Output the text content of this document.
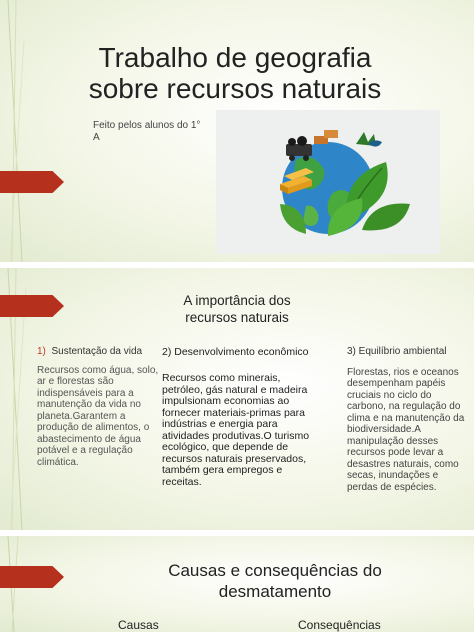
Trabalho de geografia
sobre recursos naturais
Feito pelos alunos do 1° A
A importância dos
recursos naturais
1) Sustentação da vida
Recursos como água, solo, ar e florestas são indispensáveis para a manutenção da vida no planeta.Garantem a produção de alimentos, o abastecimento de água potável e a regulação climática.
2) Desenvolvimento econômico
Recursos como minerais, petróleo, gás natural e madeira impulsionam economias ao fornecer materiais-primas para indústrias e energia para atividades produtivas.O turismo ecológico, que depende de recursos naturais preservados, também gera empregos e receitas.
3) Equilíbrio ambiental
Florestas, rios e oceanos desempenham papéis cruciais no ciclo do carbono, na regulação do clima e na manutenção da biodiversidade.A manipulação desses recursos pode levar a desastres naturais, como secas, inundações e perdas de espécies.
Causas e consequências do
desmatamento
Causas	Consequências
